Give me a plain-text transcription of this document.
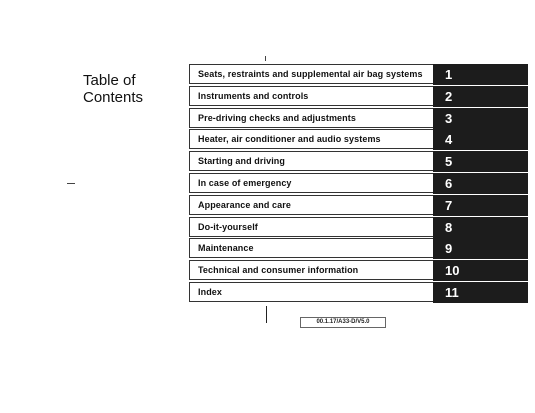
Table of
Contents
Seats, restraints and supplemental air bag systems	1
Instruments and controls	2
Pre-driving checks and adjustments	3
Heater, air conditioner and audio systems	4
Starting and driving	5
In case of emergency	6
Appearance and care	7
Do-it-yourself	8
Maintenance	9
Technical and consumer information	10
Index	11
00.1.17/A33-D/V5.0
